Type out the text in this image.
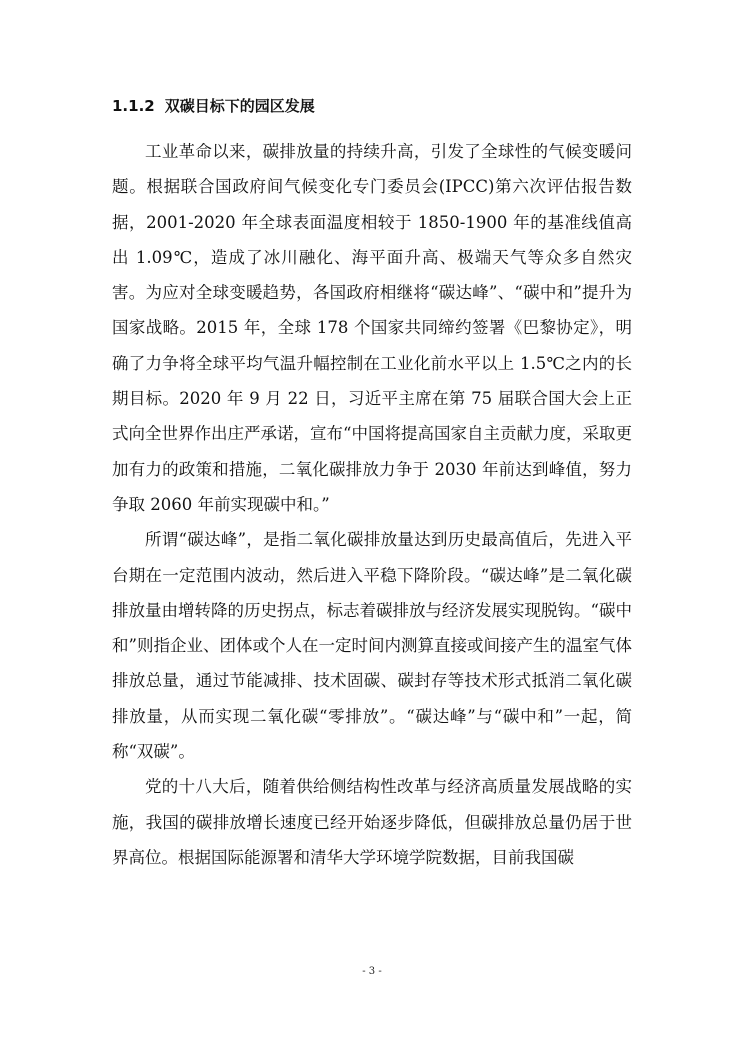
1.1.2 双碳目标下的园区发展

工业革命以来，碳排放量的持续升高，引发了全球性的气候变暖问题。根据联合国政府间气候变化专门委员会(IPCC)第六次评估报告数据，2001-2020 年全球表面温度相较于 1850-1900 年的基准线值高出 1.09℃，造成了冰川融化、海平面升高、极端天气等众多自然灾害。为应对全球变暖趋势，各国政府相继将“碳达峰”、“碳中和”提升为国家战略。2015 年，全球 178 个国家共同缔约签署《巴黎协定》，明确了力争将全球平均气温升幅控制在工业化前水平以上 1.5℃之内的长期目标。2020 年 9 月 22 日，习近平主席在第 75 届联合国大会上正式向全世界作出庄严承诺，宣布“中国将提高国家自主贡献力度，采取更加有力的政策和措施，二氧化碳排放力争于 2030 年前达到峰值，努力争取 2060 年前实现碳中和。”

所谓“碳达峰”，是指二氧化碳排放量达到历史最高值后，先进入平台期在一定范围内波动，然后进入平稳下降阶段。“碳达峰”是二氧化碳排放量由增转降的历史拐点，标志着碳排放与经济发展实现脱钩。“碳中和”则指企业、团体或个人在一定时间内测算直接或间接产生的温室气体排放总量，通过节能减排、技术固碳、碳封存等技术形式抵消二氧化碳排放量，从而实现二氧化碳“零排放”。“碳达峰”与“碳中和”一起，简称“双碳”。

党的十八大后，随着供给侧结构性改革与经济高质量发展战略的实施，我国的碳排放增长速度已经开始逐步降低，但碳排放总量仍居于世界高位。根据国际能源署和清华大学环境学院数据，目前我国碳

- 3 -
